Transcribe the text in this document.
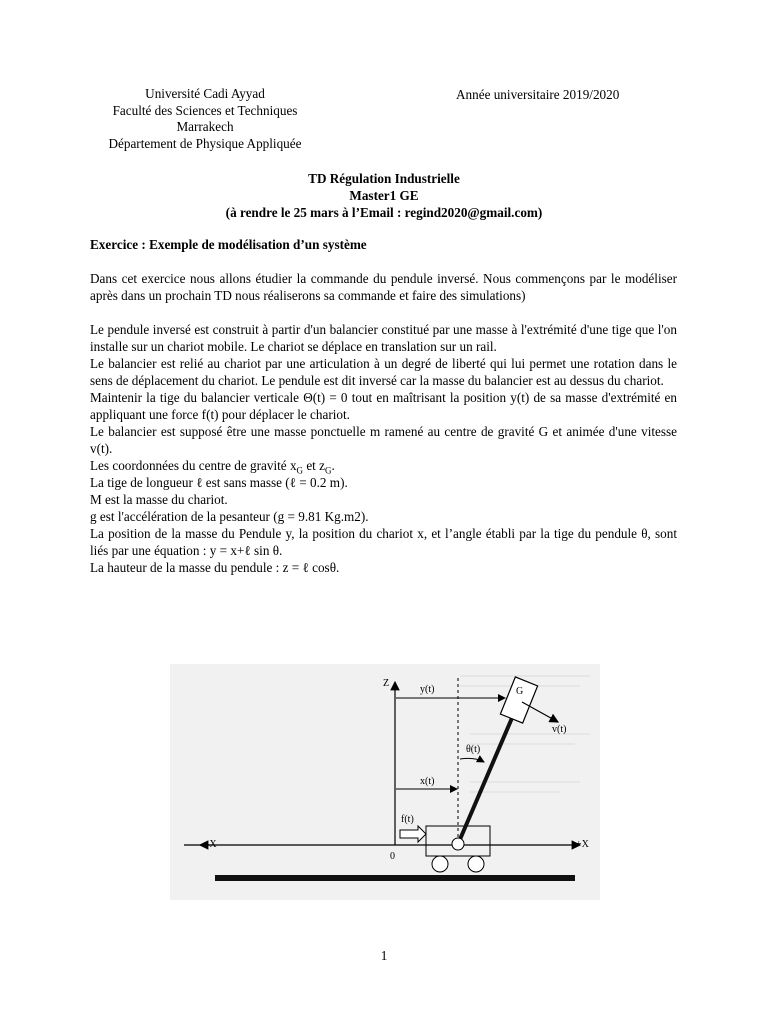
Université Cadi Ayyad
Faculté des Sciences et Techniques
Marrakech
Département de Physique Appliquée
Année universitaire 2019/2020
TD Régulation Industrielle
Master1 GE
(à rendre le 25 mars à l’Email : regind2020@gmail.com)
Exercice : Exemple de modélisation d’un système

Dans cet exercice nous allons étudier la commande du pendule inversé. Nous commençons par le modéliser après dans un prochain TD nous réaliserons sa commande et faire des simulations)

Le pendule inversé est construit à partir d'un balancier constitué par une masse à l'extrémité d'une tige que l'on installe sur un chariot mobile. Le chariot se déplace en translation sur un rail.

Le balancier est relié au chariot par une articulation à un degré de liberté qui lui permet une rotation dans le sens de déplacement du chariot. Le pendule est dit inversé car la masse du balancier est au dessus du chariot.

Maintenir la tige du balancier verticale Θ(t) = 0 tout en maîtrisant la position y(t) de sa masse d'extrémité en appliquant une force f(t) pour déplacer le chariot.

Le balancier est supposé être une masse ponctuelle m ramené au centre de gravité G et animée d'une vitesse v(t).

Les coordonnées du centre de gravité $x_G$ et $z_G$.

La tige de longueur ℓ est sans masse (ℓ = 0.2 m).

M est la masse du chariot.

g est l'accélération de la pesanteur (g = 9.81 Kg.m2).

La position de la masse du Pendule y, la position du chariot x, et l’angle établi par la tige du pendule θ, sont liés par une équation : y = x+ℓ sin θ.

La hauteur de la masse du pendule : z = ℓ cosθ.

-X	+X
Z
0
y(t)
x(t)
f(t)
G
v(t)
θ(t)
1
